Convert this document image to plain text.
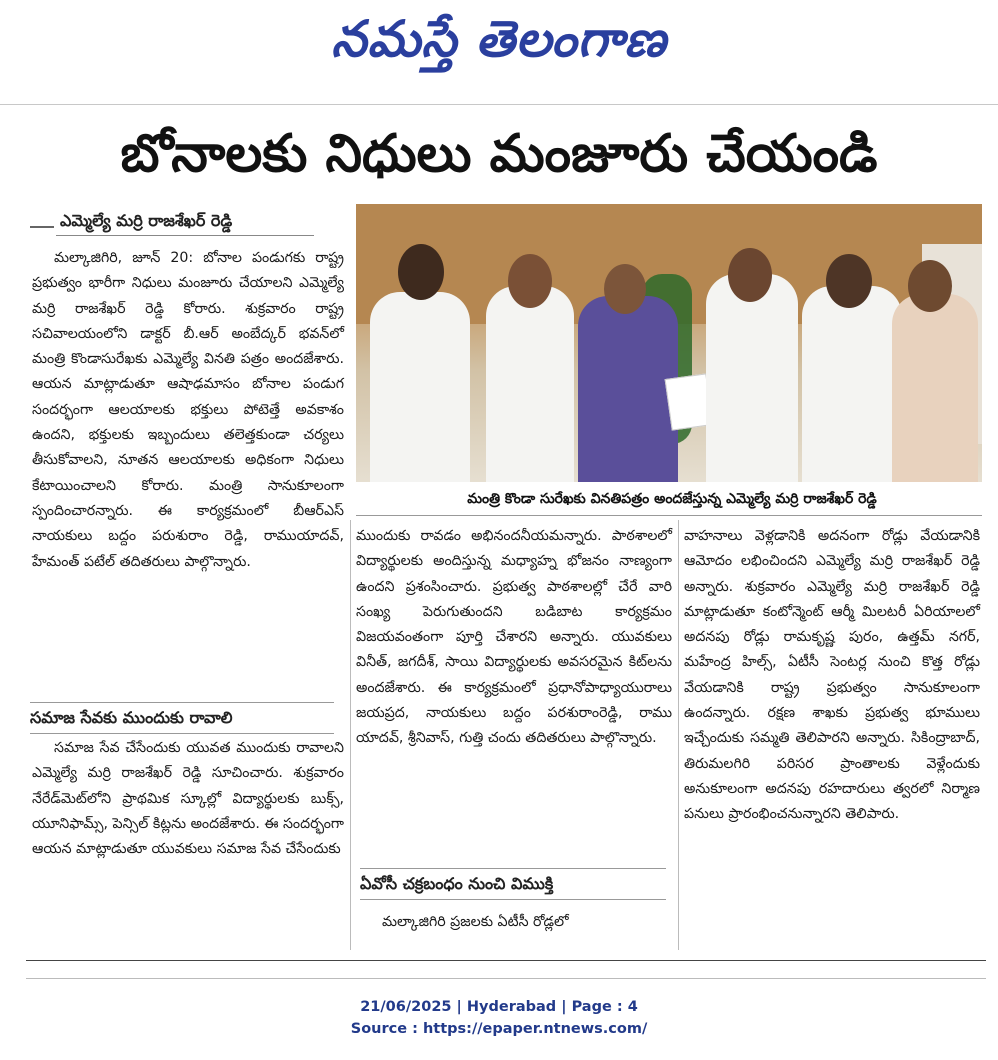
నమస్తే తెలంగాణ
బోనాలకు నిధులు మంజూరు చేయండి
ఎమ్మెల్యే మర్రి రాజశేఖర్ రెడ్డి

మల్కాజిగిరి, జూన్ 20: బోనాల పండుగకు రాష్ట్ర ప్రభుత్వం భారీగా నిధులు మంజూరు చేయాలని ఎమ్మెల్యే మర్రి రాజశేఖర్ రెడ్డి కోరారు. శుక్రవారం రాష్ట్ర సచివాలయంలోని డాక్టర్ బీ.ఆర్ అంబేద్కర్ భవన్‌లో మంత్రి కొండాసురేఖకు ఎమ్మెల్యే వినతి పత్రం అందజేశారు. ఆయన మాట్లాడుతూ ఆషాఢమాసం బోనాల పండుగ సందర్భంగా ఆలయాలకు భక్తులు పోటెత్తే అవకాశం ఉందని, భక్తులకు ఇబ్బందులు తలెత్తకుండా చర్యలు తీసుకోవాలని, నూతన ఆలయాలకు అధికంగా నిధులు కేటాయించాలని కోరారు. మంత్రి సానుకూలంగా స్పందించారన్నారు. ఈ కార్యక్రమంలో బీఆర్ఎస్ నాయకులు బద్దం పరుశురాం రెడ్డి, రాముయాదవ్, హేమంత్ పటేల్ తదితరులు పాల్గొన్నారు.

సమాజ సేవకు ముందుకు రావాలి

సమాజ సేవ చేసేందుకు యువత ముందుకు రావాలని ఎమ్మెల్యే మర్రి రాజశేఖర్ రెడ్డి సూచించారు. శుక్రవారం నేరేడ్‌మెట్‌లోని ప్రాథమిక స్కూల్లో విద్యార్థులకు బుక్స్, యూనిఫామ్స్, పెన్సిల్ కిట్లను అందజేశారు. ఈ సందర్భంగా ఆయన మాట్లాడుతూ యువకులు సమాజ సేవ చేసేందుకు

మంత్రి కొండా సురేఖకు వినతిపత్రం అందజేస్తున్న ఎమ్మెల్యే మర్రి రాజశేఖర్ రెడ్డి

ముందుకు రావడం అభినందనీయమన్నారు. పాఠశాలలో విద్యార్థులకు అందిస్తున్న మధ్యాహ్న భోజనం నాణ్యంగా ఉందని ప్రశంసించారు. ప్రభుత్వ పాఠశాలల్లో చేరే వారి సంఖ్య పెరుగుతుందని బడిబాట కార్యక్రమం విజయవంతంగా పూర్తి చేశారని అన్నారు. యువకులు వినీత్, జగదీశ్, సాయి విద్యార్థులకు అవసరమైన కిట్‌లను అందజేశారు. ఈ కార్యక్రమంలో ప్రధానోపాధ్యాయురాలు జయప్రద, నాయకులు బద్దం పరశురాంరెడ్డి, రాము యాదవ్, శ్రీనివాస్, గుత్తి చందు తదితరులు పాల్గొన్నారు.

ఏవోసీ చక్రబంధం నుంచి విముక్తి
మల్కాజిగిరి ప్రజలకు ఏటీసీ రోడ్లలో

వాహనాలు వెళ్లడానికి అదనంగా రోడ్లు వేయడానికి ఆమోదం లభించిందని ఎమ్మెల్యే మర్రి రాజశేఖర్ రెడ్డి అన్నారు. శుక్రవారం ఎమ్మెల్యే మర్రి రాజశేఖర్ రెడ్డి మాట్లాడుతూ కంటోన్మెంట్ ఆర్మీ మిలటరీ ఏరియాలలో అదనపు రోడ్లు రామకృష్ణ పురం, ఉత్తమ్ నగర్, మహేంద్ర హిల్స్, ఏటీసీ సెంటర్ల నుంచి కొత్త రోడ్లు వేయడానికి రాష్ట్ర ప్రభుత్వం సానుకూలంగా ఉందన్నారు. రక్షణ శాఖకు ప్రభుత్వ భూములు ఇచ్చేందుకు సమ్మతి తెలిపారని అన్నారు. సికింద్రాబాద్, తిరుమలగిరి పరిసర ప్రాంతాలకు వెళ్లేందుకు అనుకూలంగా అదనపు రహదారులు త్వరలో నిర్మాణ పనులు ప్రారంభించనున్నారని తెలిపారు.

21/06/2025 | Hyderabad | Page : 4
Source : https://epaper.ntnews.com/
